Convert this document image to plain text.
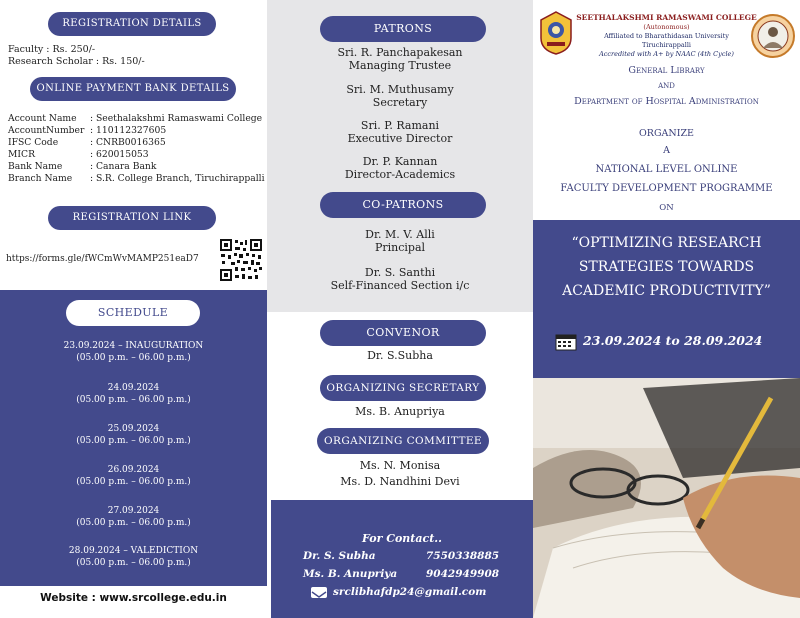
REGISTRATION DETAILS
Faculty : Rs. 250/-
Research Scholar : Rs. 150/-
ONLINE PAYMENT BANK DETAILS
Account Name : Seethalakshmi Ramaswami College
AccountNumber : 110112327605
IFSC Code	: CNRB0016365
MICR	: 620015053
Bank Name	: Canara Bank
Branch Name : S.R. College Branch, Tiruchirappalli
REGISTRATION LINK
https://forms.gle/fWCmWvMAMP251eaD7
SCHEDULE
23.09.2024 – INAUGURATION
(05.00 p.m. – 06.00 p.m.)
24.09.2024
(05.00 p.m. – 06.00 p.m.)
25.09.2024
(05.00 p.m. – 06.00 p.m.)
26.09.2024
(05.00 p.m. – 06.00 p.m.)
27.09.2024
(05.00 p.m. – 06.00 p.m.)
28.09.2024 – VALEDICTION
(05.00 p.m. – 06.00 p.m.)
Website : www.srcollege.edu.in
PATRONS
Sri. R. Panchapakesan
Managing Trustee
Sri. M. Muthusamy
Secretary
Sri. P. Ramani
Executive Director
Dr. P. Kannan
Director-Academics
CO-PATRONS
Dr. M. V. Alli
Principal
Dr. S. Santhi
Self-Financed Section i/c
CONVENOR
Dr. S.Subha
ORGANIZING SECRETARY
Ms. B. Anupriya
ORGANIZING COMMITTEE
Ms. N. Monisa
Ms. D. Nandhini Devi
For Contact..
Dr. S. Subha	7550338885
Ms. B. Anupriya	9042949908
srclibhafdp24@gmail.com
SEETHALAKSHMI RAMASWAMI COLLEGE
(Autonomous)
Affiliated to Bharathidasan University
Tiruchirappalli
Accredited with A+ by NAAC (4th Cycle)
General Library
and
Department of Hospital Administration
ORGANIZE
A
NATIONAL LEVEL ONLINE
FACULTY DEVELOPMENT PROGRAMME
ON
“OPTIMIZING RESEARCH
STRATEGIES TOWARDS
ACADEMIC PRODUCTIVITY”
23.09.2024 to 28.09.2024
